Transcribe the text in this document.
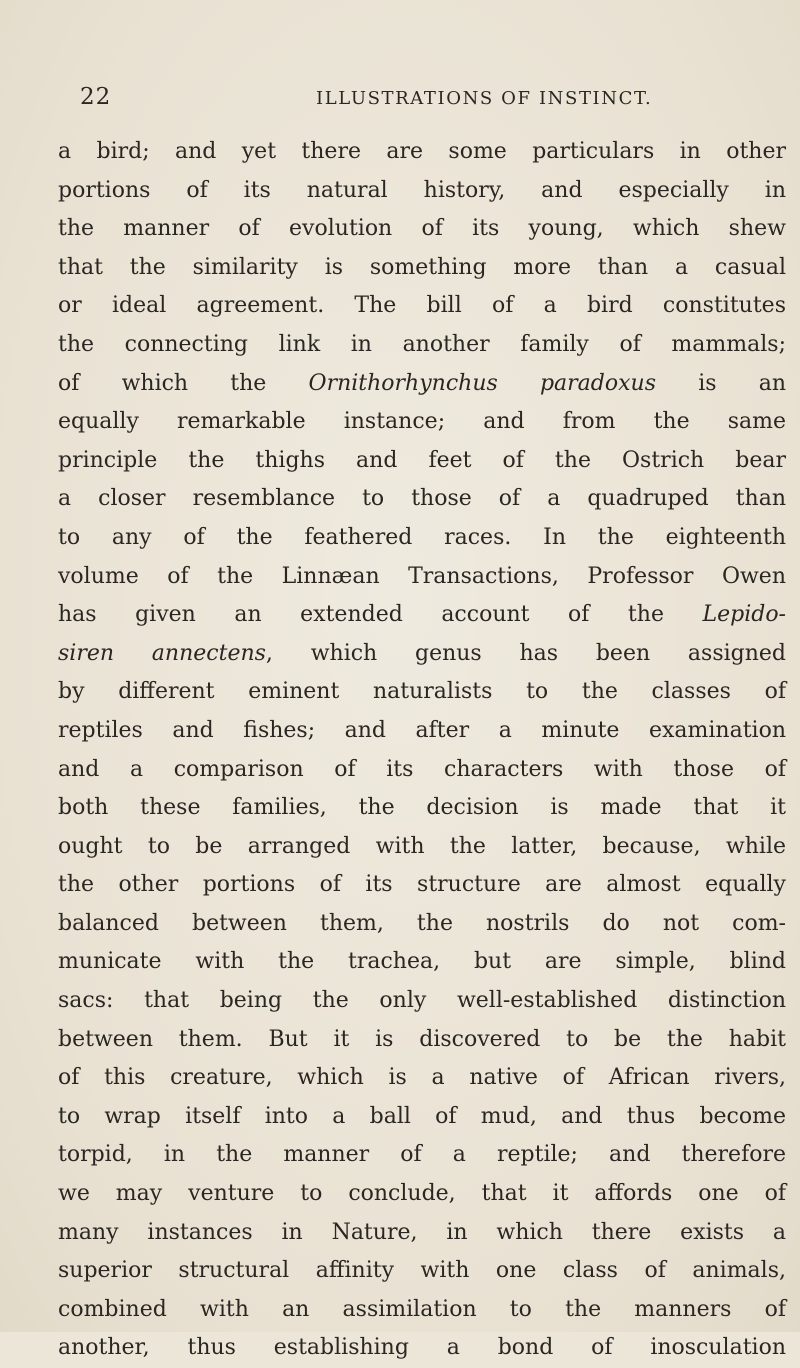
22	ILLUSTRATIONS OF INSTINCT.
a bird; and yet there are some particulars in other
portions of its natural history, and especially in
the manner of evolution of its young, which shew
that the similarity is something more than a casual
or ideal agreement. The bill of a bird constitutes
the connecting link in another family of mammals;
of which the Ornithorhynchus paradoxus is an
equally remarkable instance; and from the same
principle the thighs and feet of the Ostrich bear
a closer resemblance to those of a quadruped than
to any of the feathered races. In the eighteenth
volume of the Linnæan Transactions, Professor Owen
has given an extended account of the Lepido-
siren annectens, which genus has been assigned
by different eminent naturalists to the classes of
reptiles and fishes; and after a minute examination
and a comparison of its characters with those of
both these families, the decision is made that it
ought to be arranged with the latter, because, while
the other portions of its structure are almost equally
balanced between them, the nostrils do not com-
municate with the trachea, but are simple, blind
sacs: that being the only well-established distinction
between them. But it is discovered to be the habit
of this creature, which is a native of African rivers,
to wrap itself into a ball of mud, and thus become
torpid, in the manner of a reptile; and therefore
we may venture to conclude, that it affords one of
many instances in Nature, in which there exists a
superior structural affinity with one class of animals,
combined with an assimilation to the manners of
another, thus establishing a bond of inosculation
